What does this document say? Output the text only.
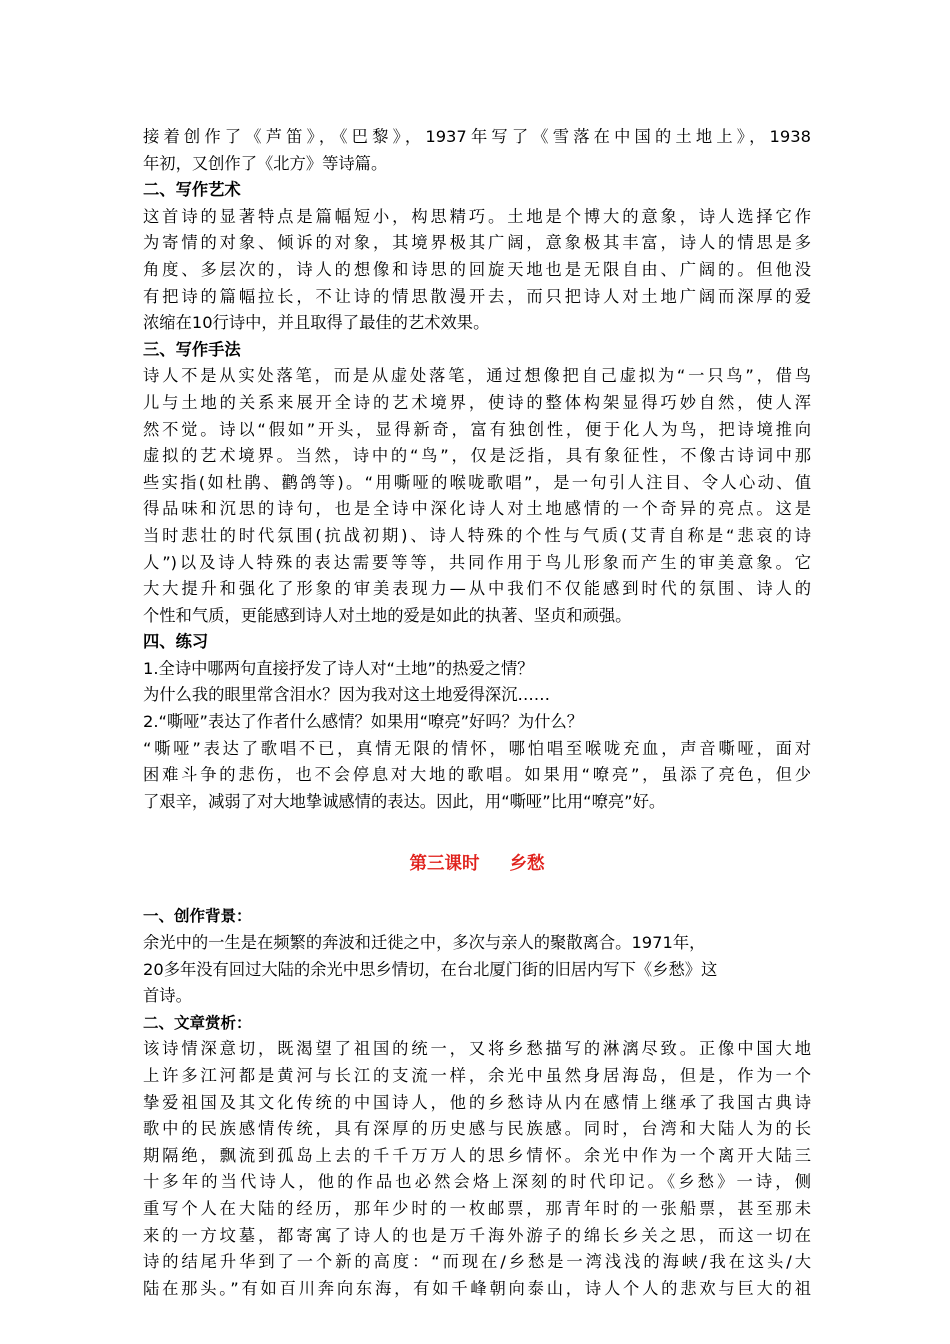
接着创作了《芦笛》，《巴黎》，1937年写了《雪落在中国的土地上》，1938
年初，又创作了《北方》等诗篇。
二、写作艺术
这首诗的显著特点是篇幅短小，构思精巧。土地是个博大的意象，诗人选择它作
为寄情的对象、倾诉的对象，其境界极其广阔，意象极其丰富，诗人的情思是多
角度、多层次的，诗人的想像和诗思的回旋天地也是无限自由、广阔的。但他没
有把诗的篇幅拉长，不让诗的情思散漫开去，而只把诗人对土地广阔而深厚的爱
浓缩在10行诗中，并且取得了最佳的艺术效果。
三、写作手法
诗人不是从实处落笔，而是从虚处落笔，通过想像把自己虚拟为“一只鸟”，借鸟
儿与土地的关系来展开全诗的艺术境界，使诗的整体构架显得巧妙自然，使人浑
然不觉。诗以“假如”开头，显得新奇，富有独创性，便于化人为鸟，把诗境推向
虚拟的艺术境界。当然，诗中的“鸟”，仅是泛指，具有象征性，不像古诗词中那
些实指(如杜鹃、鹳鸽等)。“用嘶哑的喉咙歌唱”，是一句引人注目、令人心动、值
得品味和沉思的诗句，也是全诗中深化诗人对土地感情的一个奇异的亮点。这是
当时悲壮的时代氛围(抗战初期)、诗人特殊的个性与气质(艾青自称是“悲哀的诗
人”)以及诗人特殊的表达需要等等，共同作用于鸟儿形象而产生的审美意象。它
大大提升和强化了形象的审美表现力—从中我们不仅能感到时代的氛围、诗人的
个性和气质，更能感到诗人对土地的爱是如此的执著、坚贞和顽强。
四、练习
1.全诗中哪两句直接抒发了诗人对“土地”的热爱之情？
为什么我的眼里常含泪水？因为我对这土地爱得深沉……
2.“嘶哑”表达了作者什么感情？如果用“嘹亮”好吗？为什么？
“嘶哑”表达了歌唱不已，真情无限的情怀，哪怕唱至喉咙充血，声音嘶哑，面对
困难斗争的悲伤，也不会停息对大地的歌唱。如果用“嘹亮”，虽添了亮色，但少
了艰辛，减弱了对大地挚诚感情的表达。因此，用“嘶哑”比用“嘹亮”好。
第三课时 乡愁
一、创作背景：
余光中的一生是在频繁的奔波和迁徙之中，多次与亲人的聚散离合。1971年，
20多年没有回过大陆的余光中思乡情切，在台北厦门街的旧居内写下《乡愁》这
首诗。
二、文章赏析：
该诗情深意切，既渴望了祖国的统一，又将乡愁描写的淋漓尽致。正像中国大地
上许多江河都是黄河与长江的支流一样，余光中虽然身居海岛，但是，作为一个
挚爱祖国及其文化传统的中国诗人，他的乡愁诗从内在感情上继承了我国古典诗
歌中的民族感情传统，具有深厚的历史感与民族感。同时，台湾和大陆人为的长
期隔绝，飘流到孤岛上去的千千万万人的思乡情怀。余光中作为一个离开大陆三
十多年的当代诗人，他的作品也必然会烙上深刻的时代印记。《乡愁》一诗，侧
重写个人在大陆的经历，那年少时的一枚邮票，那青年时的一张船票，甚至那未
来的一方坟墓，都寄寓了诗人的也是万千海外游子的绵长乡关之思，而这一切在
诗的结尾升华到了一个新的高度：“而现在/乡愁是一湾浅浅的海峡/我在这头/大
陆在那头。”有如百川奔向东海，有如千峰朝向泰山，诗人个人的悲欢与巨大的祖
